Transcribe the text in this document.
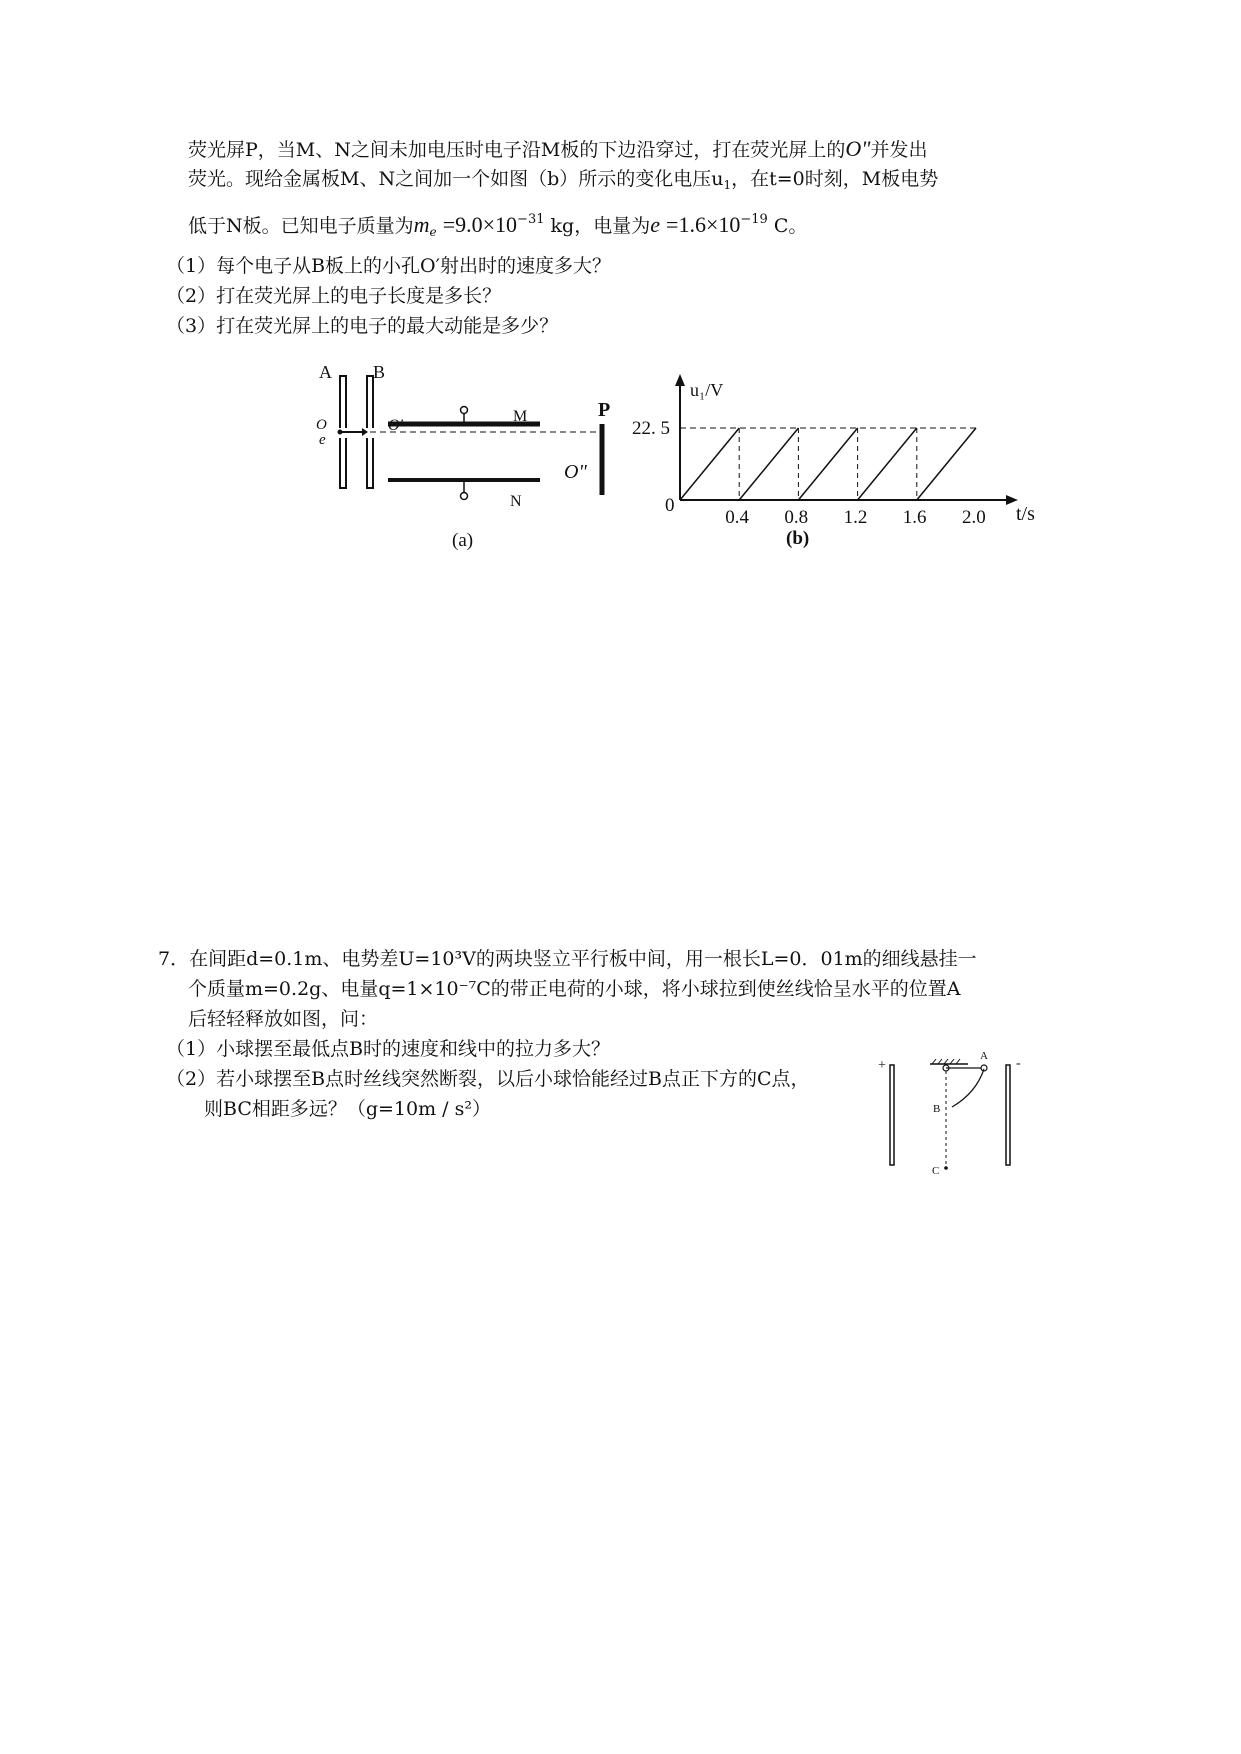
荧光屏P，当M、N之间未加电压时电子沿M板的下边沿穿过，打在荧光屏上的O"并发出
荧光。现给金属板M、N之间加一个如图（b）所示的变化电压$u_1$，在t=0时刻，M板电势
低于N板。已知电子质量为$m_e =9.0\times 10^{-31}$ kg，电量为$e =1.6\times 10^{-19}$ C。
（1）每个电子从B板上的小孔O′射出时的速度多大？
（2）打在荧光屏上的电子长度是多长？
（3）打在荧光屏上的电子的最大动能是多少？
A B
O
e
O′
M
N
P
O"
(a)
u₁/V
22. 5
0	t/s
(b)
0.4 0.8 1.2 1.6 2.0
7．在间距d=0.1m、电势差U=10³V的两块竖立平行板中间，用一根长L=0．01m的细线悬挂一
个质量m=0.2g、电量q=1×10⁻⁷C的带正电荷的小球，将小球拉到使丝线恰呈水平的位置A
后轻轻释放如图，问：
（1）小球摆至最低点B时的速度和线中的拉力多大？
（2）若小球摆至B点时丝线突然断裂，以后小球恰能经过B点正下方的C点，
则BC相距多远？（g=10m / s²）
+	-
A
B
C
